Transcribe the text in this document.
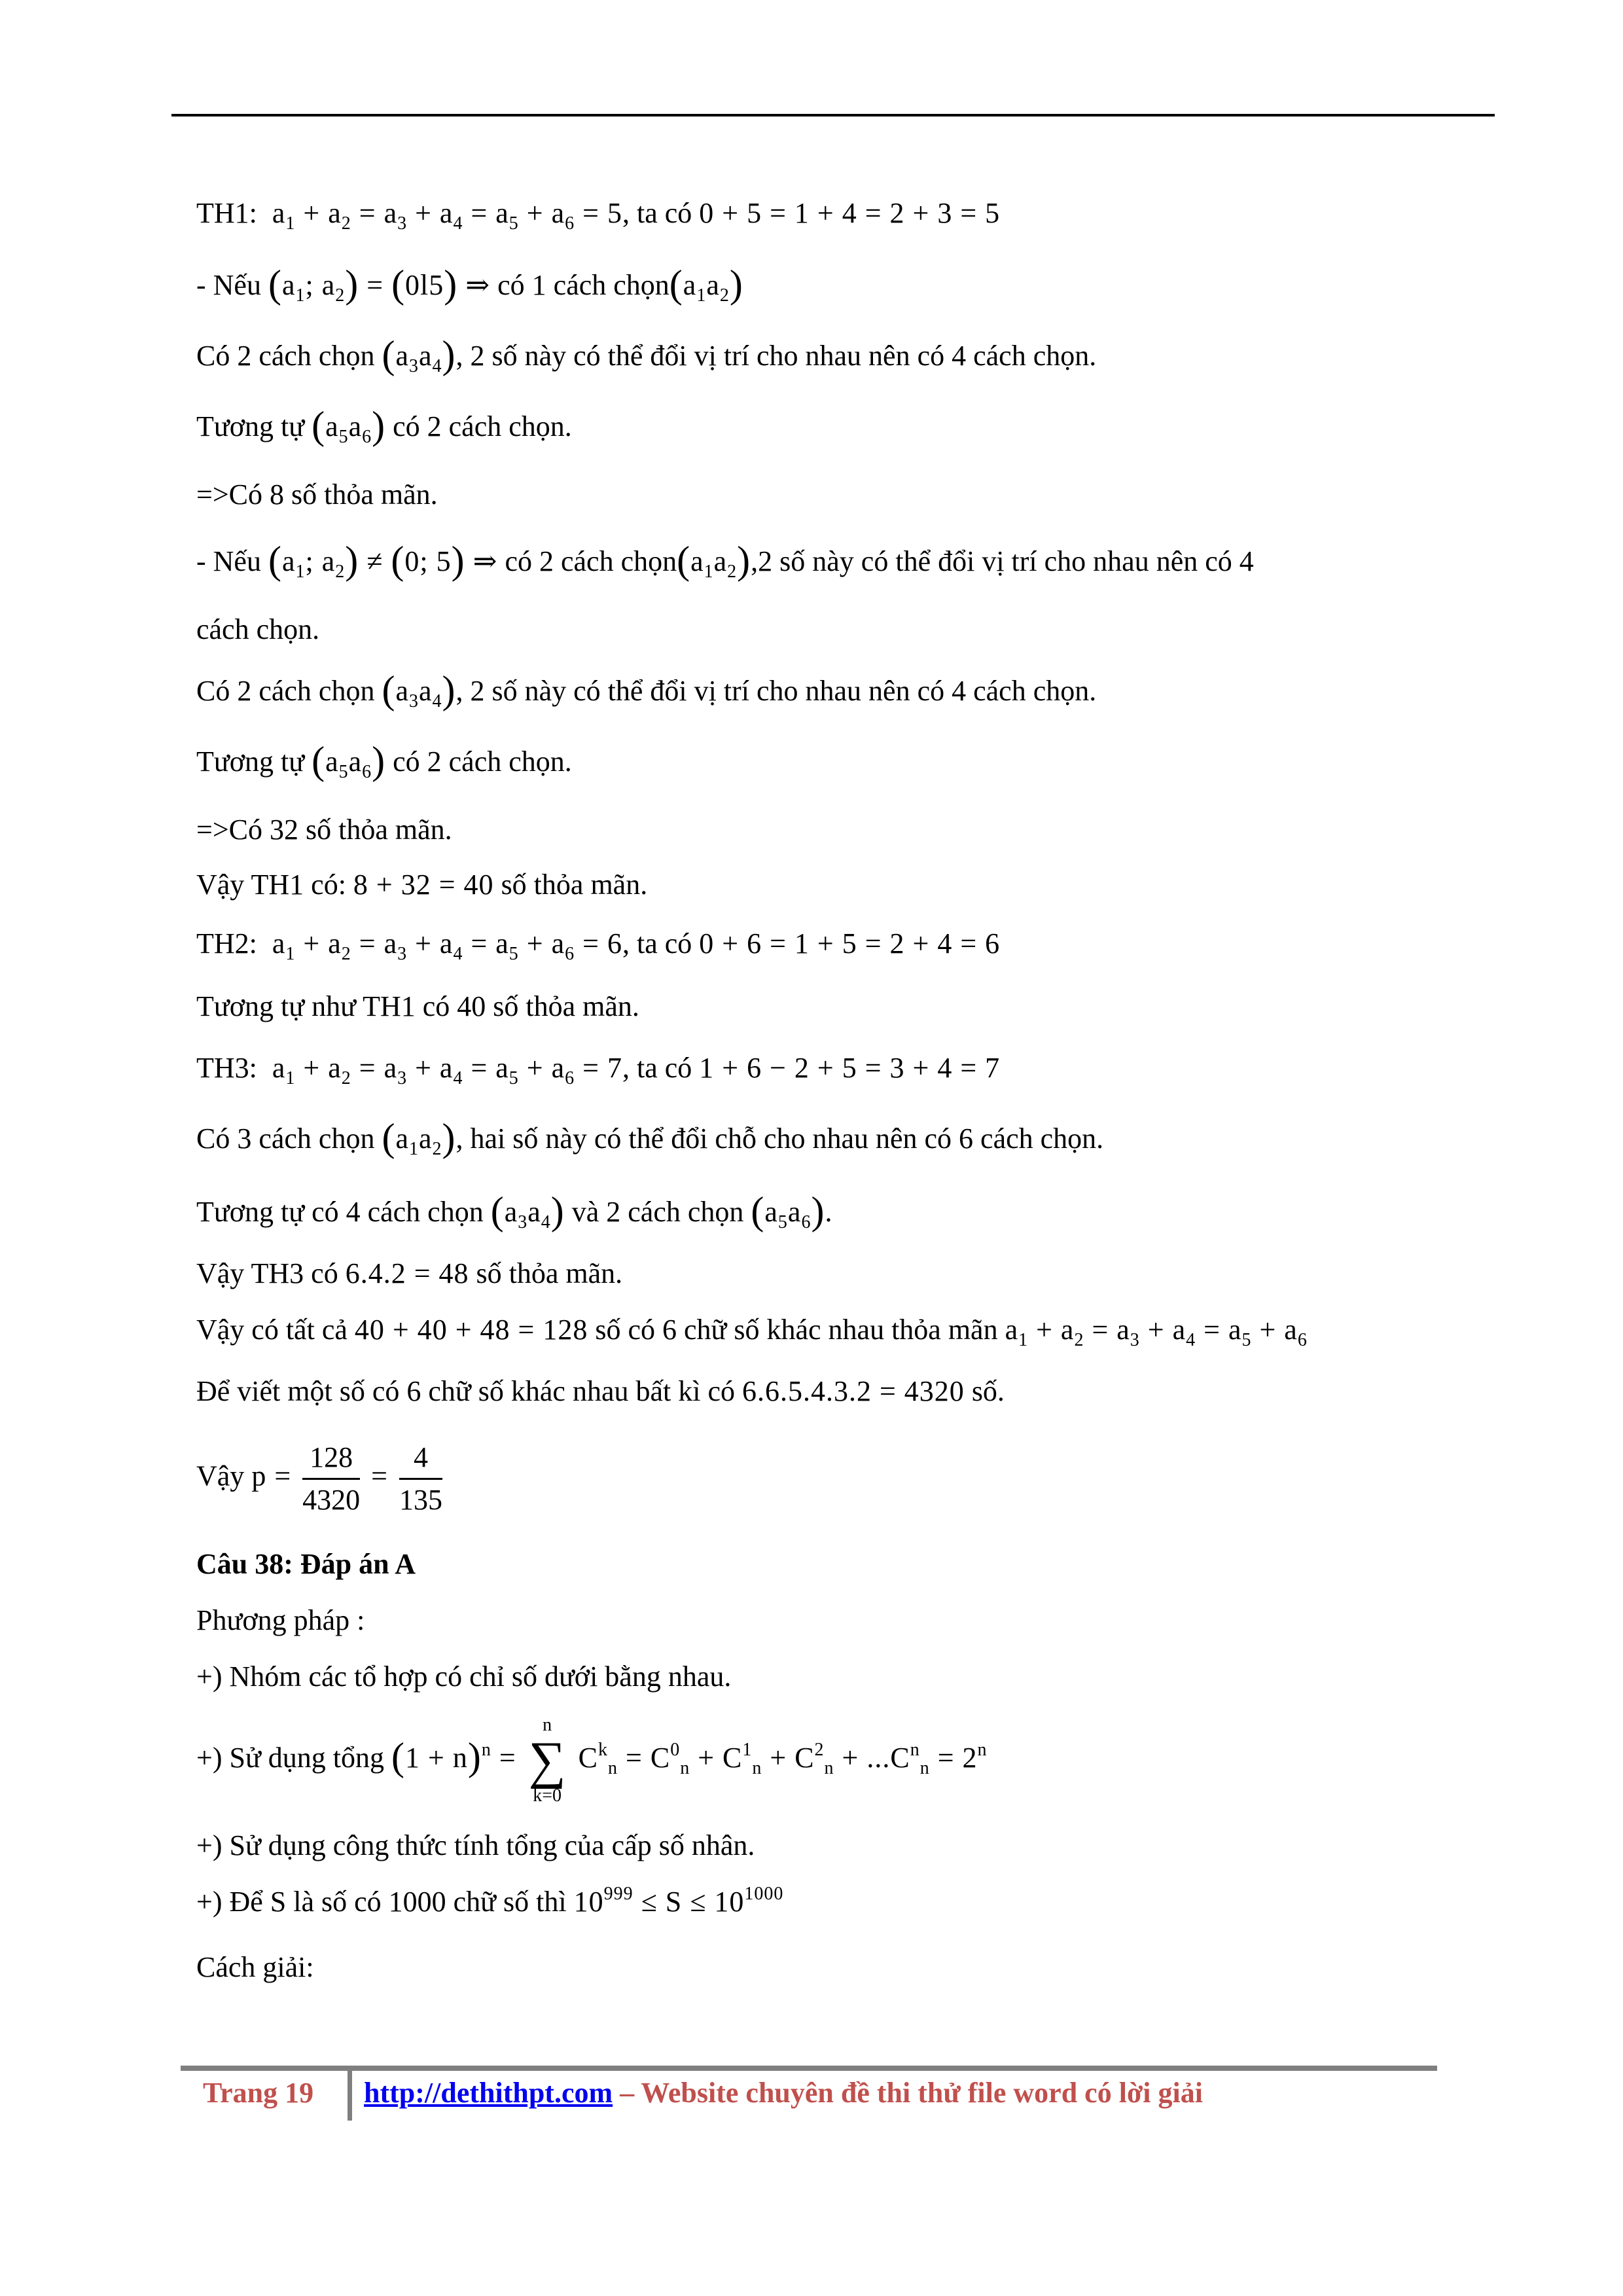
TH1:  $a_1 + a_2 = a_3 + a_4 = a_5 + a_6 = 5$, ta có 0 + 5 = 1 + 4 = 2 + 3 = 5
- Nếu ($a_1$; $a_2) = (0l5)$ ⇒ có 1 cách $chọn(a_1a_2)$
Có 2 cách chọn $(a_3a_4)$, 2 số này có thể đổi vị trí cho nhau nên có 4 cách chọn.
Tương tự $(a_5a_6)$ có 2 cách chọn.
=>Có 8 số thỏa mãn.
- Nếu ($a_1$; $a_2) \ne (0$; 5) ⇒ có 2 cách $chọn(a_1a_2),2$ số này có thể đổi vị trí cho nhau nên có 4
cách chọn.
Có 2 cách chọn $(a_3a_4)$, 2 số này có thể đổi vị trí cho nhau nên có 4 cách chọn.
Tương tự $(a_5a_6)$ có 2 cách chọn.
=>Có 32 số thỏa mãn.
Vậy TH1 có: 8 + 32 = 40 số thỏa mãn.
TH2:  $a_1 + a_2 = a_3 + a_4 = a_5 + a_6 = 6$, ta có 0 + 6 = 1 + 5 = 2 + 4 = 6
Tương tự như TH1 có 40 số thỏa mãn.
TH3:  $a_1 + a_2 = a_3 + a_4 = a_5 + a_6 = 7$, ta có 1 + 6 − 2 + 5 = 3 + 4 = 7
Có 3 cách chọn $(a_1a_2)$, hai số này có thể đổi chỗ cho nhau nên có 6 cách chọn.
Tương tự có 4 cách chọn $(a_3a_4)$ và 2 cách chọn $(a_5a_6)$.
Vậy TH3 có 6.4.2 = 48 số thỏa mãn.
Vậy có tất cả 40 + 40 + 48 = 128 số có 6 chữ số khác nhau thỏa mãn $a_1 + a_2 = a_3 + a_4 = a_5 + a_6$
Để viết một số có 6 chữ số khác nhau bất kì có 6.6.5.4.3.2 = 4320 số.
Vậy $p = \frac{128}{4320} = \frac{4}{135}$
Câu 38: Đáp án A
Phương pháp :
+) Nhóm các tổ hợp có chỉ số dưới bằng nhau.
+) Sử dụng tổng $(1 + n)^n$ =
n
∑
k=0
$C^k_n = C^0_n + C^1_n + C^2_n + ...C^n_n = 2^n$
+) Sử dụng công thức tính tổng của cấp số nhân.
+) Để S là số có 1000 chữ số thì $10^{999} \le S \le 10^{1000}$
Cách giải:
Trang 19 http://dethithpt.com – Website chuyên đề thi thử file word có lời giải
